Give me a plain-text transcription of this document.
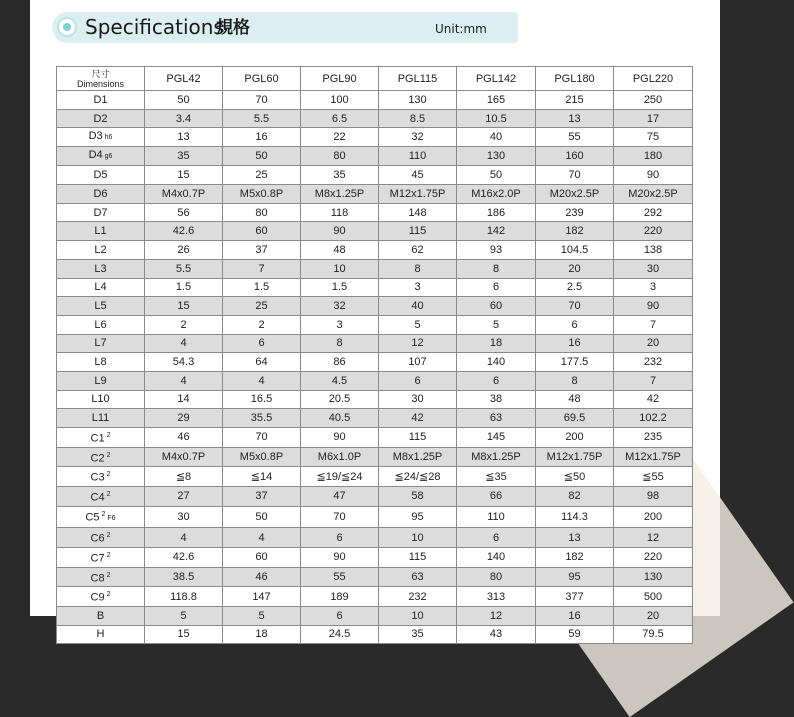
Specifications
規格	Unit:mm
尺寸
Dimensions	PGL42	PGL60	PGL90	PGL115	PGL142	PGL180	PGL220
D1	50	70	100	130	165	215	250
D2	3.4	5.5	6.5	8.5	10.5	13	17
D3 h6	13	16	22	32	40	55	75
D4 g6	35	50	80	110	130	160	180
D5	15	25	35	45	50	70	90
D6	M4x0.7P	M5x0.8P	M8x1.25P	M12x1.75P	M16x2.0P	M20x2.5P	M20x2.5P
D7	56	80	118	148	186	239	292
L1	42.6	60	90	115	142	182	220
L2	26	37	48	62	93	104.5	138
L3	5.5	7	10	8	8	20	30
L4	1.5	1.5	1.5	3	6	2.5	3
L5	15	25	32	40	60	70	90
L6	2	2	3	5	5	6	7
L7	4	6	8	12	18	16	20
L8	54.3	64	86	107	140	177.5	232
L9	4	4	4.5	6	6	8	7
L10	14	16.5	20.5	30	38	48	42
L11	29	35.5	40.5	42	63	69.5	102.2
C1 $^2$	46	70	90	115	145	200	235
C2 $^2$	M4x0.7P	M5x0.8P	M6x1.0P	M8x1.25P	M8x1.25P	M12x1.75P	M12x1.75P
C3 $^2$	≦8	≦14	≦19/≦24	≦24/≦28	≦35	≦50	≦55
C4 $^2$	27	37	47	58	66	82	98
C5 $^2$F6	30	50	70	95	110	114.3	200
C6 $^2$	4	4	6	10	6	13	12
C7 $^2$	42.6	60	90	115	140	182	220
C8 $^2$	38.5	46	55	63	80	95	130
C9 $^2$	118.8	147	189	232	313	377	500
B	5	5	6	10	12	16	20
H	15	18	24.5	35	43	59	79.5
